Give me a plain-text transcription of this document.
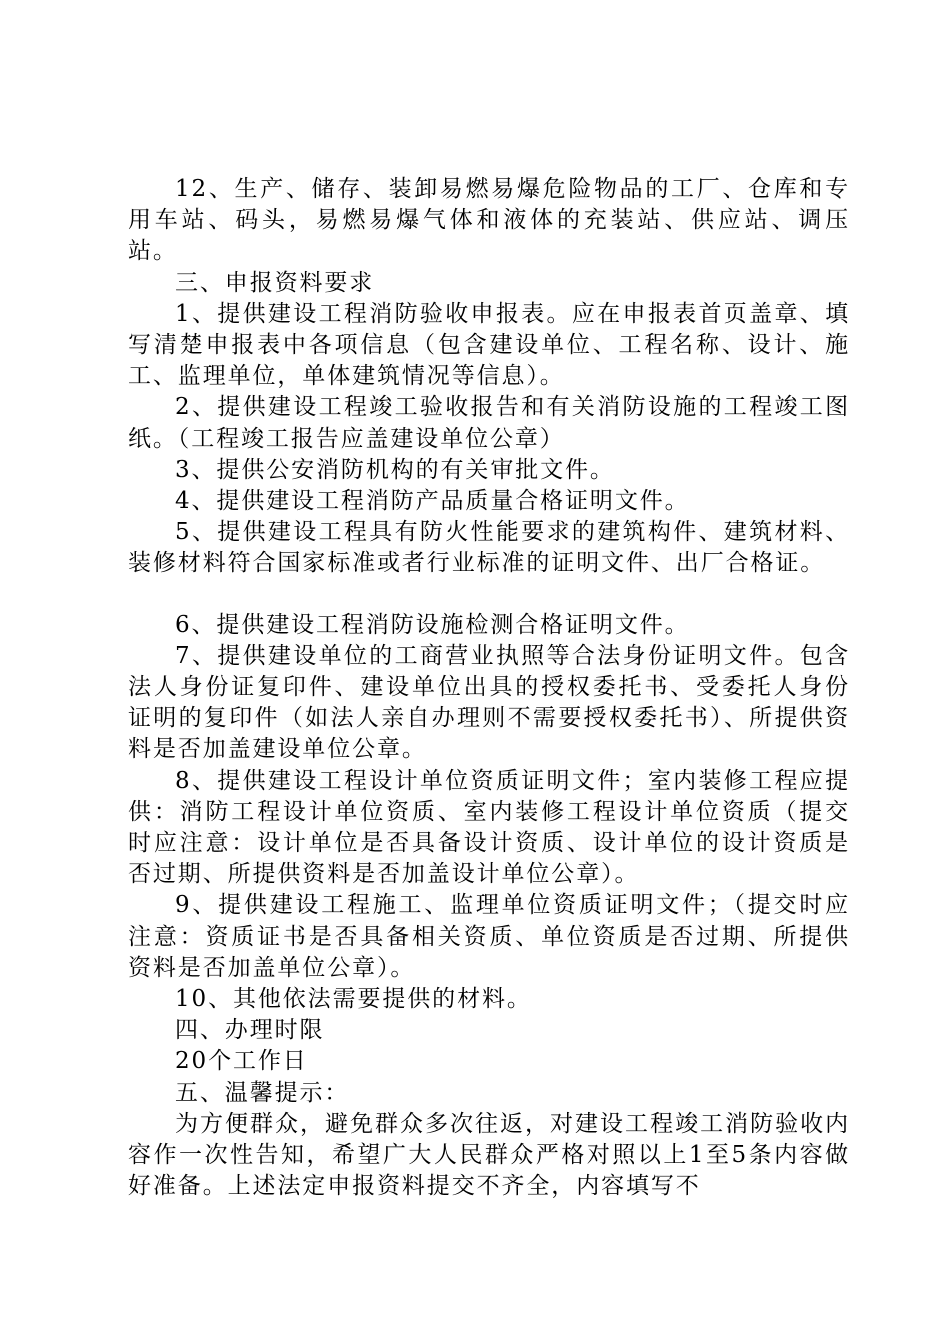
12、生产、储存、装卸易燃易爆危险物品的工厂、仓库和专用车站、码头，易燃易爆气体和液体的充装站、供应站、调压站。

三、申报资料要求

1、提供建设工程消防验收申报表。应在申报表首页盖章、填写清楚申报表中各项信息（包含建设单位、工程名称、设计、施工、监理单位，单体建筑情况等信息）。

2、提供建设工程竣工验收报告和有关消防设施的工程竣工图纸。（工程竣工报告应盖建设单位公章）

3、提供公安消防机构的有关审批文件。

4、提供建设工程消防产品质量合格证明文件。

5、提供建设工程具有防火性能要求的建筑构件、建筑材料、装修材料符合国家标准或者行业标准的证明文件、出厂合格证。

6、提供建设工程消防设施检测合格证明文件。

7、提供建设单位的工商营业执照等合法身份证明文件。包含法人身份证复印件、建设单位出具的授权委托书、受委托人身份证明的复印件（如法人亲自办理则不需要授权委托书）、所提供资料是否加盖建设单位公章。

8、提供建设工程设计单位资质证明文件；室内装修工程应提供：消防工程设计单位资质、室内装修工程设计单位资质（提交时应注意：设计单位是否具备设计资质、设计单位的设计资质是否过期、所提供资料是否加盖设计单位公章）。

9、提供建设工程施工、监理单位资质证明文件；（提交时应注意：资质证书是否具备相关资质、单位资质是否过期、所提供资料是否加盖单位公章）。

10、其他依法需要提供的材料。

四、办理时限

20个工作日

五、温馨提示：

为方便群众，避免群众多次往返，对建设工程竣工消防验收内容作一次性告知，希望广大人民群众严格对照以上1至5条内容做好准备。上述法定申报资料提交不齐全，内容填写不
